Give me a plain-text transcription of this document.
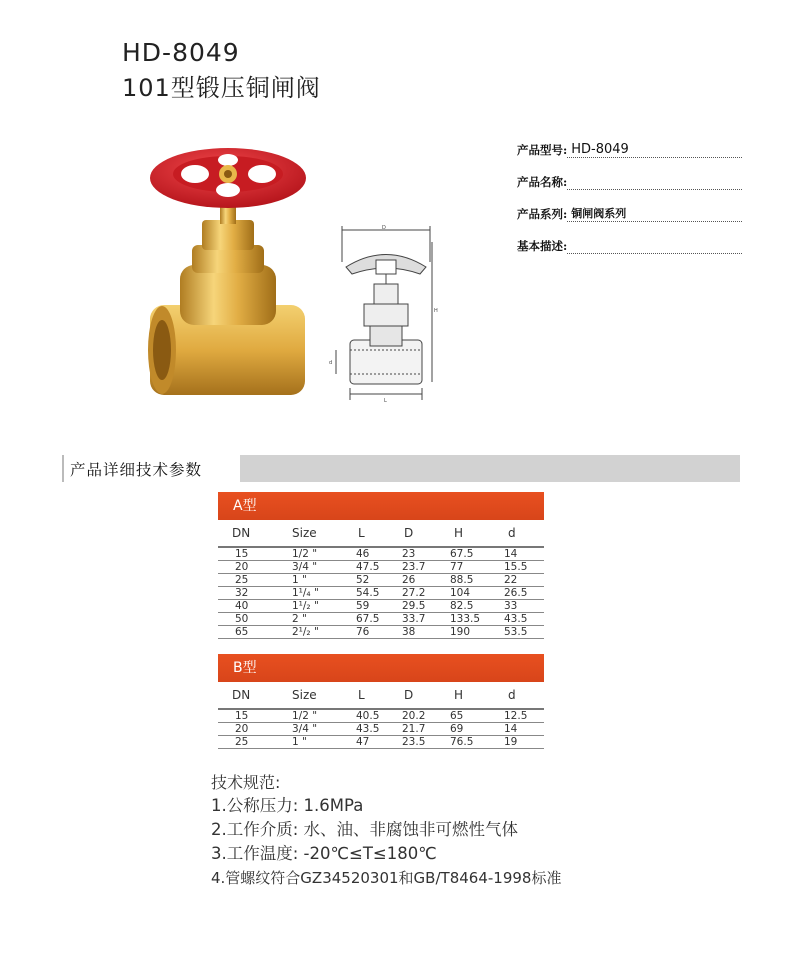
HD-8049
101型锻压铜闸阀
D
L
H
d
产品型号: HD-8049
产品名称:
产品系列: 铜闸阀系列
基本描述:
产品详细技术参数
A型
DN	Size	L	D	H	d
15	1/2 "	46	23	67.5	14
20	3/4 "	47.5	23.7	77	15.5
25	1 "	52	26	88.5	22
32	1¹/₄ "	54.5	27.2	104	26.5
40	1¹/₂ "	59	29.5	82.5	33
50	2 "	67.5	33.7	133.5	43.5
65	2¹/₂ "	76	38	190	53.5
B型
DN	Size	L	D	H	d
15	1/2 "	40.5	20.2	65	12.5
20	3/4 "	43.5	21.7	69	14
25	1 "	47	23.5	76.5	19
技术规范:
1.公称压力: 1.6MPa
2.工作介质: 水、油、非腐蚀非可燃性气体
3.工作温度: -20℃≤T≤180℃
4.管螺纹符合GZ34520301和GB/T8464-1998标准
